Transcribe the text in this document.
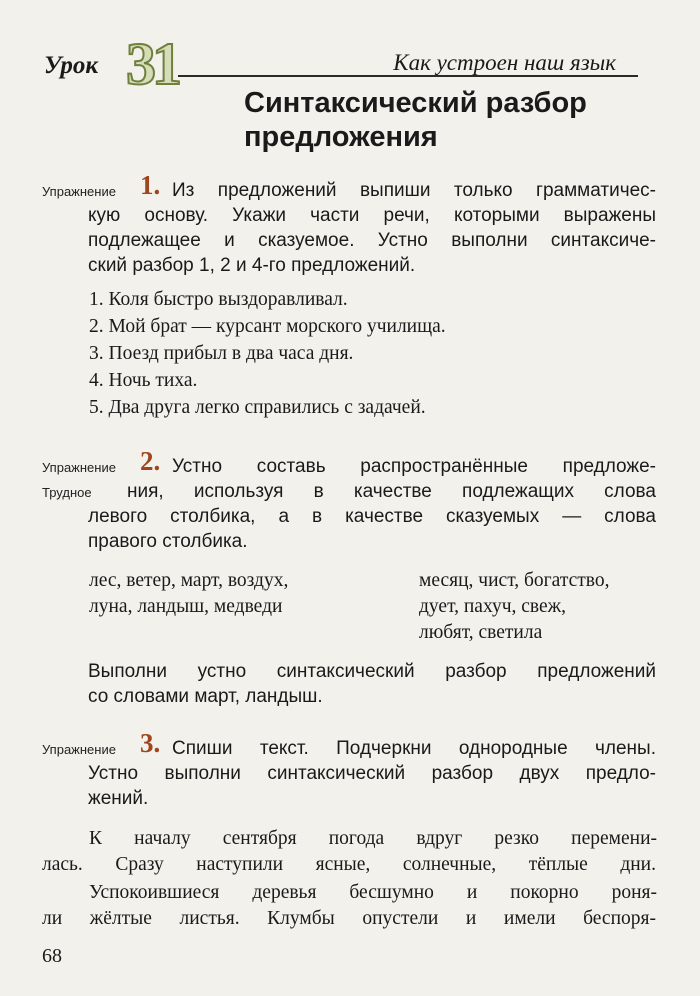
Урок 31	Как устроен наш язык
Синтаксический разбор
предложения
Упражнение 1. Из предложений выпиши только грамматичес-
кую основу. Укажи части речи, которыми выражены
подлежащее и сказуемое. Устно выполни синтаксиче-
ский разбор 1, 2 и 4-го предложений.
1. Коля быстро выздоравливал.
2. Мой брат — курсант морского училища.
3. Поезд прибыл в два часа дня.
4. Ночь тиха.
5. Два друга легко справились с задачей.
Упражнение
Трудное
2. Устно составь распространённые предложе-
ния, используя в качестве подлежащих слова
левого столбика, а в качестве сказуемых — слова
правого столбика.
лес, ветер, март, воздух,
луна, ландыш, медведи
месяц, чист, богатство,
дует, пахуч, свеж,
любят, светила
Выполни устно синтаксический разбор предложений
со словами март, ландыш.
Упражнение 3. Спиши текст. Подчеркни однородные члены.
Устно выполни синтаксический разбор двух предло-
жений.
К началу сентября погода вдруг резко перемени-
лась. Сразу наступили ясные, солнечные, тёплые дни.
Успокоившиеся деревья бесшумно и покорно роня-
ли жёлтые листья. Клумбы опустели и имели беспоря-
68
